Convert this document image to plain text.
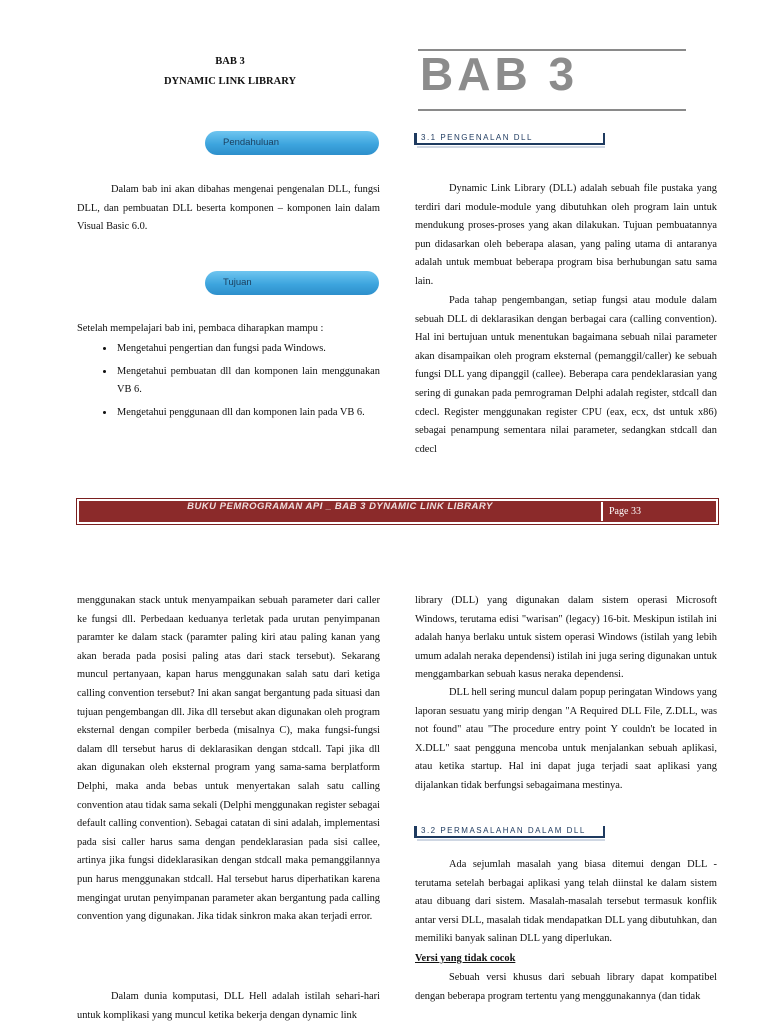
BAB 3
DYNAMIC LINK LIBRARY	BAB 3
Pendahuluan

Dalam bab ini akan dibahas mengenai pengenalan DLL, fungsi DLL, dan pembuatan DLL beserta komponen – komponen lain dalam Visual Basic 6.0.

Tujuan

Setelah mempelajari bab ini, pembaca diharapkan mampu :

• Mengetahui pengertian dan fungsi pada Windows.
• Mengetahui pembuatan dll dan komponen lain menggunakan VB 6.
• Mengetahui penggunaan dll dan komponen lain pada VB 6.
3.1 PENGENALAN DLL

Dynamic Link Library (DLL) adalah sebuah file pustaka yang terdiri dari module-module yang dibutuhkan oleh program lain untuk mendukung proses-proses yang akan dilakukan. Tujuan pembuatannya pun didasarkan oleh beberapa alasan, yang paling utama di antaranya adalah untuk membuat beberapa program bisa berhubungan satu sama lain.

Pada tahap pengembangan, setiap fungsi atau module dalam sebuah DLL di deklarasikan dengan berbagai cara (calling convention). Hal ini bertujuan untuk menentukan bagaimana sebuah nilai parameter akan disampaikan oleh program eksternal (pemanggil/caller) ke sebuah fungsi DLL yang dipanggil (callee). Beberapa cara pendeklarasian yang sering di gunakan pada pemrograman Delphi adalah register, stdcall dan cdecl. Register menggunakan register CPU (eax, ecx, dst untuk x86) sebagai penampung sementara nilai parameter, sedangkan stdcall dan cdecl

BUKU PEMROGRAMAN API _ BAB 3 DYNAMIC LINK LIBRARY	Page 33

menggunakan stack untuk menyampaikan sebuah parameter dari caller ke fungsi dll. Perbedaan keduanya terletak pada urutan penyimpanan paramter ke dalam stack (paramter paling kiri atau paling kanan yang akan berada pada posisi paling atas dari stack tersebut). Sekarang muncul pertanyaan, kapan harus menggunakan salah satu dari ketiga calling convention tersebut? Ini akan sangat bergantung pada situasi dan tujuan pengembangan dll. Jika dll tersebut akan digunakan oleh program eksternal dengan compiler berbeda (misalnya C), maka fungsi-fungsi dalam dll tersebut harus di deklarasikan dengan stdcall. Tapi jika dll akan digunakan oleh eksternal program yang sama-sama berplatform Delphi, maka anda bebas untuk menyertakan salah satu calling convention atau tidak sama sekali (Delphi menggunakan register sebagai default calling convention). Sebagai catatan di sini adalah, implementasi pada sisi caller harus sama dengan pendeklarasian pada sisi callee, artinya jika fungsi dideklarasikan dengan stdcall maka pemanggilannya pun harus menggunakan stdcall. Hal tersebut harus diperhatikan karena mengingat urutan penyimpanan parameter akan bergantung pada calling convention yang digunakan. Jika tidak sinkron maka akan terjadi error.

Dalam dunia komputasi, DLL Hell adalah istilah sehari-hari untuk komplikasi yang muncul ketika bekerja dengan dynamic link

library (DLL) yang digunakan dalam sistem operasi Microsoft Windows, terutama edisi "warisan" (legacy) 16-bit. Meskipun istilah ini adalah hanya berlaku untuk sistem operasi Windows (istilah yang lebih umum adalah neraka dependensi) istilah ini juga sering digunakan untuk menggambarkan sebuah kasus neraka dependensi.

DLL hell sering muncul dalam popup peringatan Windows yang laporan sesuatu yang mirip dengan "A Required DLL File, Z.DLL, was not found" atau "The procedure entry point Y couldn't be located in X.DLL" saat pengguna mencoba untuk menjalankan sebuah aplikasi, atau ketika startup. Hal ini dapat juga terjadi saat aplikasi yang dijalankan tidak berfungsi sebagaimana mestinya.

3.2 PERMASALAHAN DALAM DLL

Ada sejumlah masalah yang biasa ditemui dengan DLL - terutama setelah berbagai aplikasi yang telah diinstal ke dalam sistem atau dibuang dari sistem. Masalah-masalah tersebut termasuk konflik antar versi DLL, masalah tidak mendapatkan DLL yang dibutuhkan, dan memiliki banyak salinan DLL yang diperlukan.

Versi yang tidak cocok

Sebuah versi khusus dari sebuah library dapat kompatibel dengan beberapa program tertentu yang menggunakannya (dan tidak
